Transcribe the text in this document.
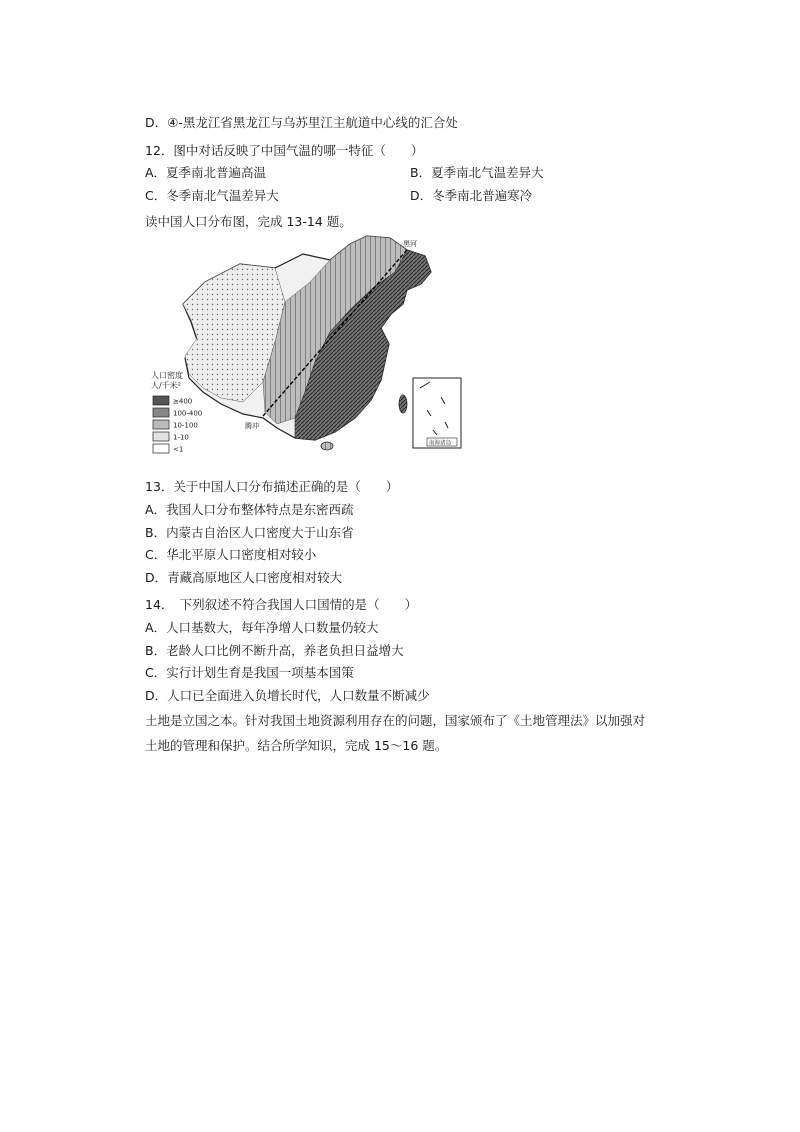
D．④-黑龙江省黑龙江与乌苏里江主航道中心线的汇合处
12．图中对话反映了中国气温的哪一特征（　　）
A．夏季南北普遍高温	B．夏季南北气温差异大
C．冬季南北气温差异大	D．冬季南北普遍寒冷
读中国人口分布图，完成 13-14 题。
黑河
腾冲
南海诸岛
人口密度
人/千米²
≥400
100-400
10-100
1-10
<1
13．关于中国人口分布描述正确的是（　　）
A．我国人口分布整体特点是东密西疏
B．内蒙古自治区人口密度大于山东省
C．华北平原人口密度相对较小
D．青藏高原地区人口密度相对较大
14．　下列叙述不符合我国人口国情的是（　　）
A．人口基数大，每年净增人口数量仍较大
B．老龄人口比例不断升高，养老负担日益增大
C．实行计划生育是我国一项基本国策
D．人口已全面进入负增长时代，人口数量不断减少
土地是立国之本。针对我国土地资源利用存在的问题，国家颁布了《土地管理法》以加强对
土地的管理和保护。结合所学知识，完成 15～16 题。
